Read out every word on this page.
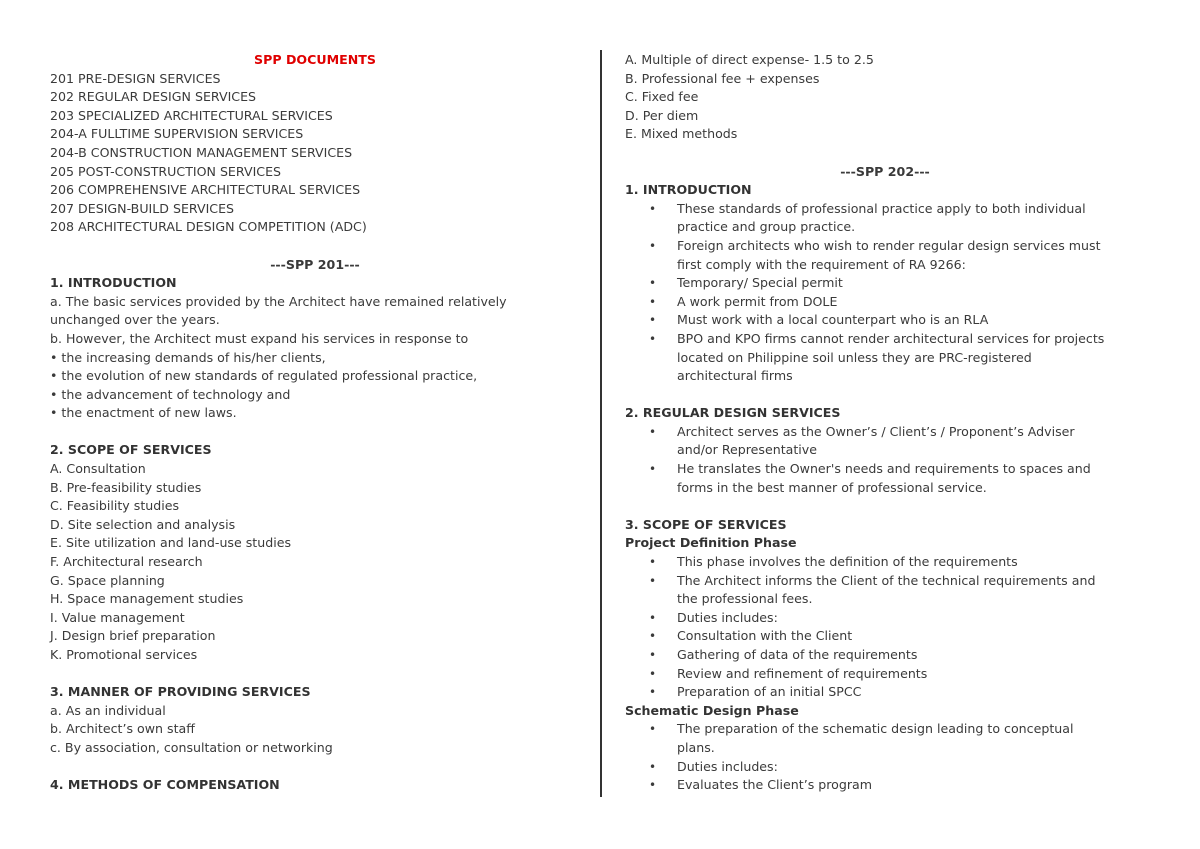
SPP DOCUMENTS
201 PRE-DESIGN SERVICES
202 REGULAR DESIGN SERVICES
203 SPECIALIZED ARCHITECTURAL SERVICES
204-A FULLTIME SUPERVISION SERVICES
204-B CONSTRUCTION MANAGEMENT SERVICES
205 POST-CONSTRUCTION SERVICES
206 COMPREHENSIVE ARCHITECTURAL SERVICES
207 DESIGN-BUILD SERVICES
208 ARCHITECTURAL DESIGN COMPETITION (ADC)
---SPP 201---
1. INTRODUCTION
a. The basic services provided by the Architect have remained relatively
unchanged over the years.
b. However, the Architect must expand his services in response to
• the increasing demands of his/her clients,
• the evolution of new standards of regulated professional practice,
• the advancement of technology and
• the enactment of new laws.
2. SCOPE OF SERVICES
A. Consultation
B. Pre-feasibility studies
C. Feasibility studies
D. Site selection and analysis
E. Site utilization and land-use studies
F. Architectural research
G. Space planning
H. Space management studies
I. Value management
J. Design brief preparation
K. Promotional services
3. MANNER OF PROVIDING SERVICES
a. As an individual
b. Architect’s own staff
c. By association, consultation or networking
4. METHODS OF COMPENSATION
A. Multiple of direct expense- 1.5 to 2.5
B. Professional fee + expenses
C. Fixed fee
D. Per diem
E. Mixed methods
---SPP 202---
1. INTRODUCTION
• These standards of professional practice apply to both individual
practice and group practice.
• Foreign architects who wish to render regular design services must
first comply with the requirement of RA 9266:
• Temporary/ Special permit
• A work permit from DOLE
• Must work with a local counterpart who is an RLA
• BPO and KPO firms cannot render architectural services for projects
located on Philippine soil unless they are PRC-registered
architectural firms
2. REGULAR DESIGN SERVICES
• Architect serves as the Owner’s / Client’s / Proponent’s Adviser
and/or Representative
• He translates the Owner's needs and requirements to spaces and
forms in the best manner of professional service.
3. SCOPE OF SERVICES
Project Definition Phase
• This phase involves the definition of the requirements
• The Architect informs the Client of the technical requirements and
the professional fees.
• Duties includes:
• Consultation with the Client
• Gathering of data of the requirements
• Review and refinement of requirements
• Preparation of an initial SPCC
Schematic Design Phase
• The preparation of the schematic design leading to conceptual
plans.
• Duties includes:
• Evaluates the Client’s program
